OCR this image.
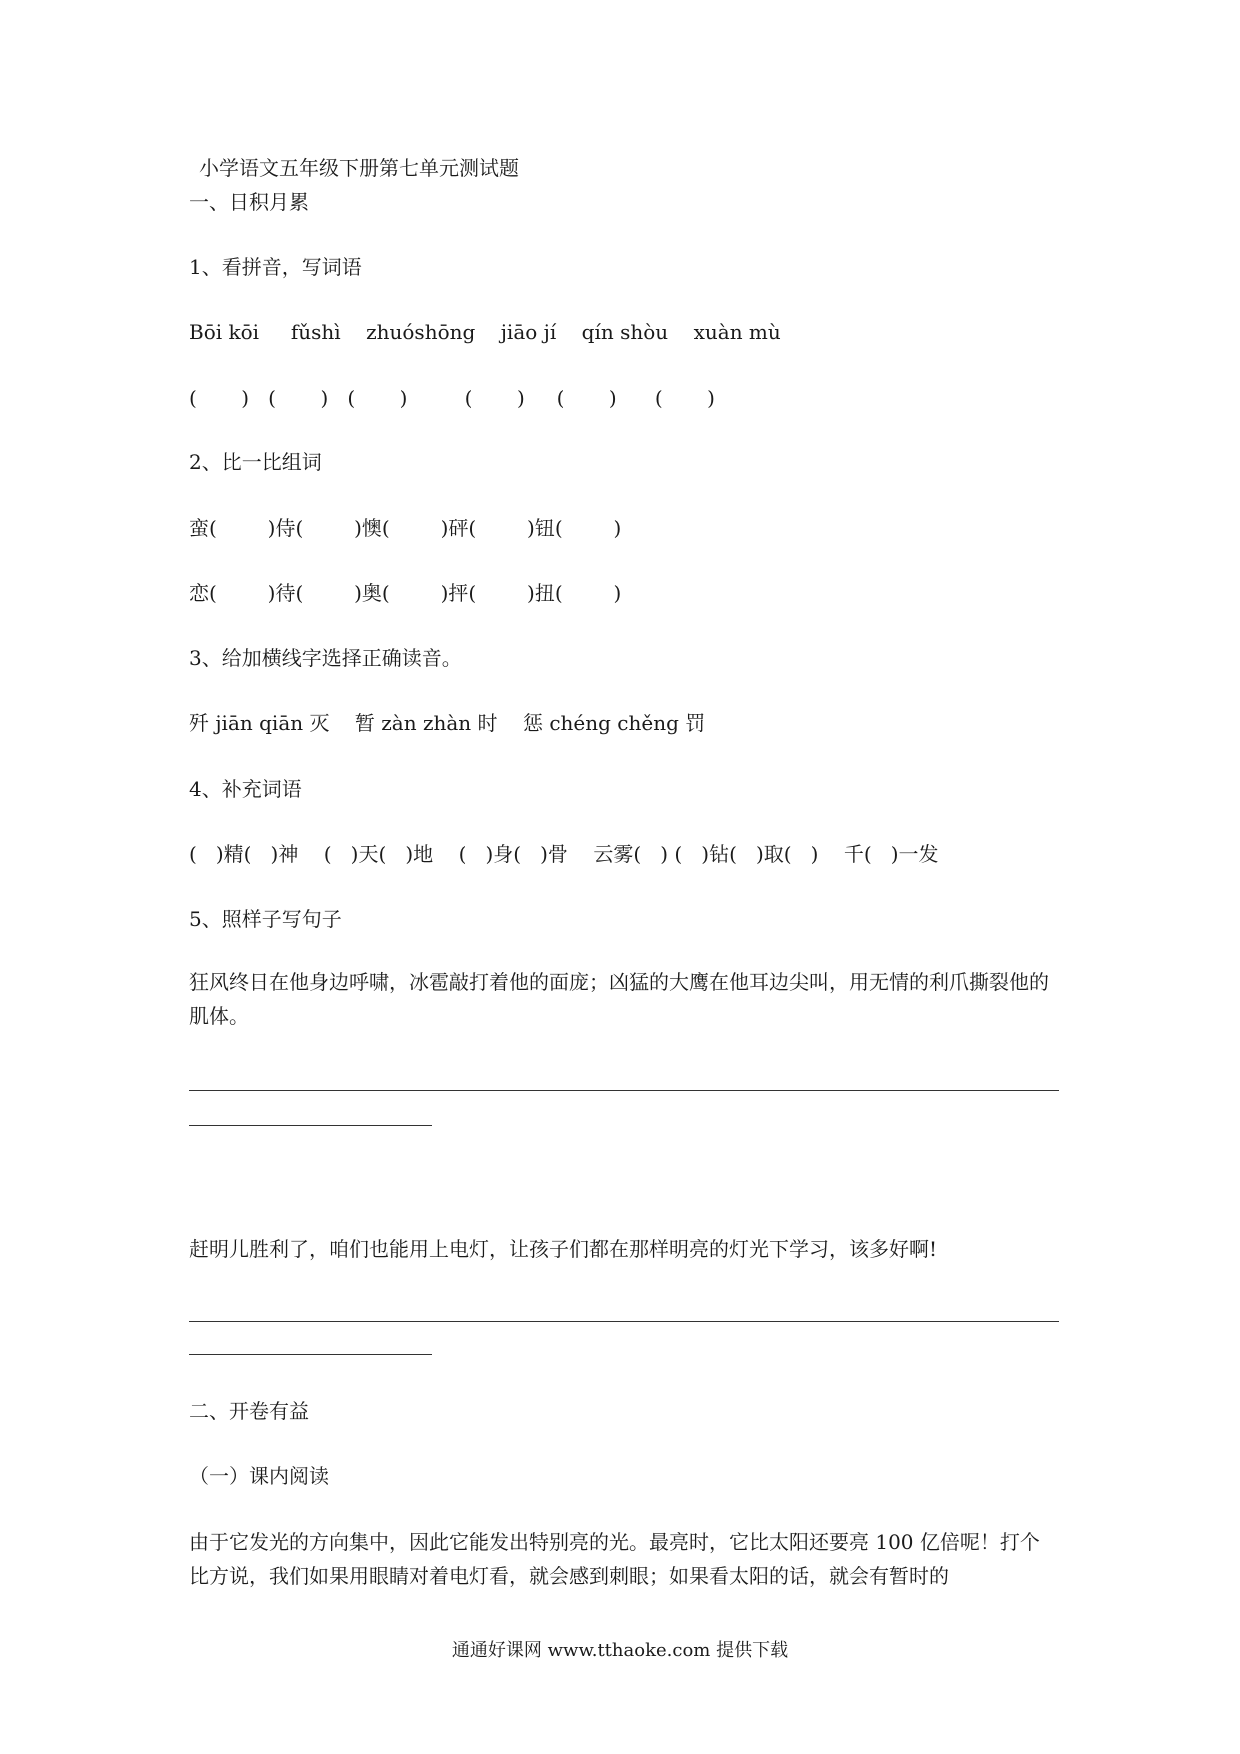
小学语文五年级下册第七单元测试题
一、日积月累
1、看拼音，写词语
Bōi kōi     fǔshì    zhuóshōng    jiāo jí    qín shòu    xuàn mù
(       )   (       )   (       )         (       )     (       )      (       )
2、比一比组词
蛮(        )侍(        )懊(        )砰(        )钮(        )
恋(        )待(        )奥(        )抨(        )扭(        )
3、给加横线字选择正确读音。
歼 jiān qiān 灭    暂 zàn zhàn 时    惩 chéng chěng 罚
4、补充词语
(   )精(   )神    (   )天(   )地    (   )身(   )骨    云雾(   ) (   )钻(   )取(   )    千(   )一发
5、照样子写句子
狂风终日在他身边呼啸，冰雹敲打着他的面庞；凶猛的大鹰在他耳边尖叫，用无情的利爪撕裂他的肌体。
赶明儿胜利了，咱们也能用上电灯，让孩子们都在那样明亮的灯光下学习，该多好啊!
二、开卷有益
（一）课内阅读
由于它发光的方向集中，因此它能发出特别亮的光。最亮时，它比太阳还要亮 100 亿倍呢！打个比方说，我们如果用眼睛对着电灯看，就会感到刺眼；如果看太阳的话，就会有暂时的
通通好课网 www.tthaoke.com 提供下载
